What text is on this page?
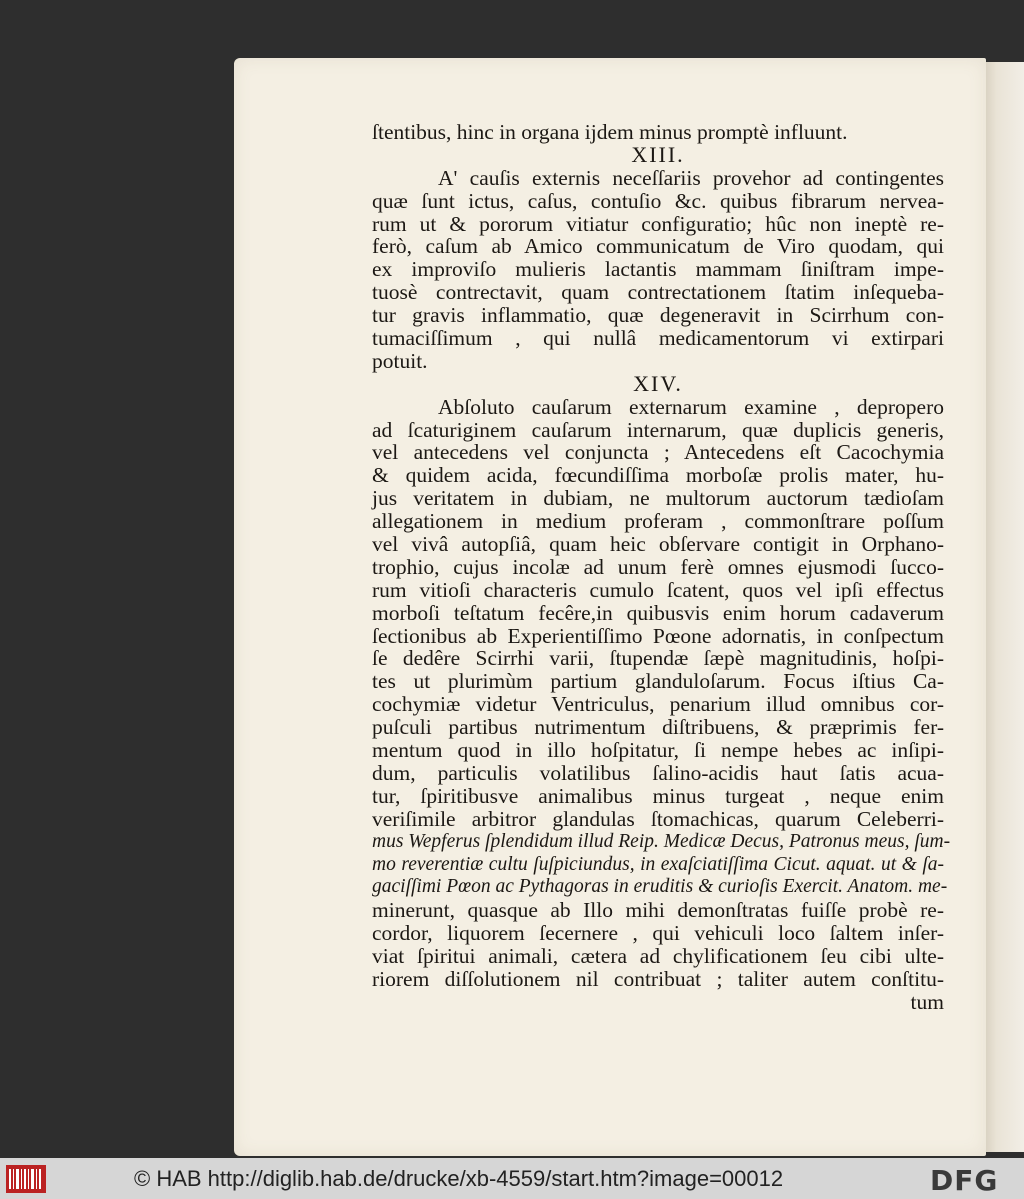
ſtentibus, hinc in organa ijdem minus promptè influunt.
XIII.
A' cauſis externis neceſſariis provehor ad contingentes
quæ ſunt ictus, caſus, contuſio &c. quibus fibrarum nervea-
rum ut & pororum vitiatur configuratio; hûc non ineptè re-
ferò, caſum ab Amico communicatum de Viro quodam, qui
ex improviſo mulieris lactantis mammam ſiniſtram impe-
tuosè contrectavit, quam contrectationem ſtatim inſequeba-
tur gravis inflammatio, quæ degeneravit in Scirrhum con-
tumaciſſimum , qui nullâ medicamentorum vi extirpari
potuit.
XIV.
Abſoluto cauſarum externarum examine , depropero
ad ſcaturiginem cauſarum internarum, quæ duplicis generis,
vel antecedens vel conjuncta ; Antecedens eſt Cacochymia
& quidem acida, fœcundiſſima morboſæ prolis mater, hu-
jus veritatem in dubiam, ne multorum auctorum tædioſam
allegationem in medium proferam , commonſtrare poſſum
vel vivâ autopſiâ, quam heic obſervare contigit in Orphano-
trophio, cujus incolæ ad unum ferè omnes ejusmodi ſucco-
rum vitioſi characteris cumulo ſcatent, quos vel ipſi effectus
morboſi teſtatum fecêre,in quibusvis enim horum cadaverum
ſectionibus ab Experientiſſimo Pœone adornatis, in conſpectum
ſe dedêre Scirrhi varii, ſtupendæ ſæpè magnitudinis, hoſpi-
tes ut plurimùm partium glanduloſarum. Focus iſtius Ca-
cochymiæ videtur Ventriculus, penarium illud omnibus cor-
puſculi partibus nutrimentum diſtribuens, & præprimis fer-
mentum quod in illo hoſpitatur, ſi nempe hebes ac inſipi-
dum, particulis volatilibus ſalino-acidis haut ſatis acua-
tur, ſpiritibusve animalibus minus turgeat , neque enim
veriſimile arbitror glandulas ſtomachicas, quarum Celeberri-
mus Wepferus ſplendidum illud Reip. Medicæ Decus, Patronus meus, ſum-
mo reverentiæ cultu ſuſpiciundus, in exaſciatiſſima Cicut. aquat. ut & ſa-
gaciſſimi Pœon ac Pythagoras in eruditis & curioſis Exercit. Anatom. me-
minerunt, quasque ab Illo mihi demonſtratas fuiſſe probè re-
cordor, liquorem ſecernere , qui vehiculi loco ſaltem inſer-
viat ſpiritui animali, cætera ad chylificationem ſeu cibi ulte-
riorem diſſolutionem nil contribuat ; taliter autem conſtitu-
tum
© HAB http://diglib.hab.de/drucke/xb-4559/start.htm?image=00012	DFG
